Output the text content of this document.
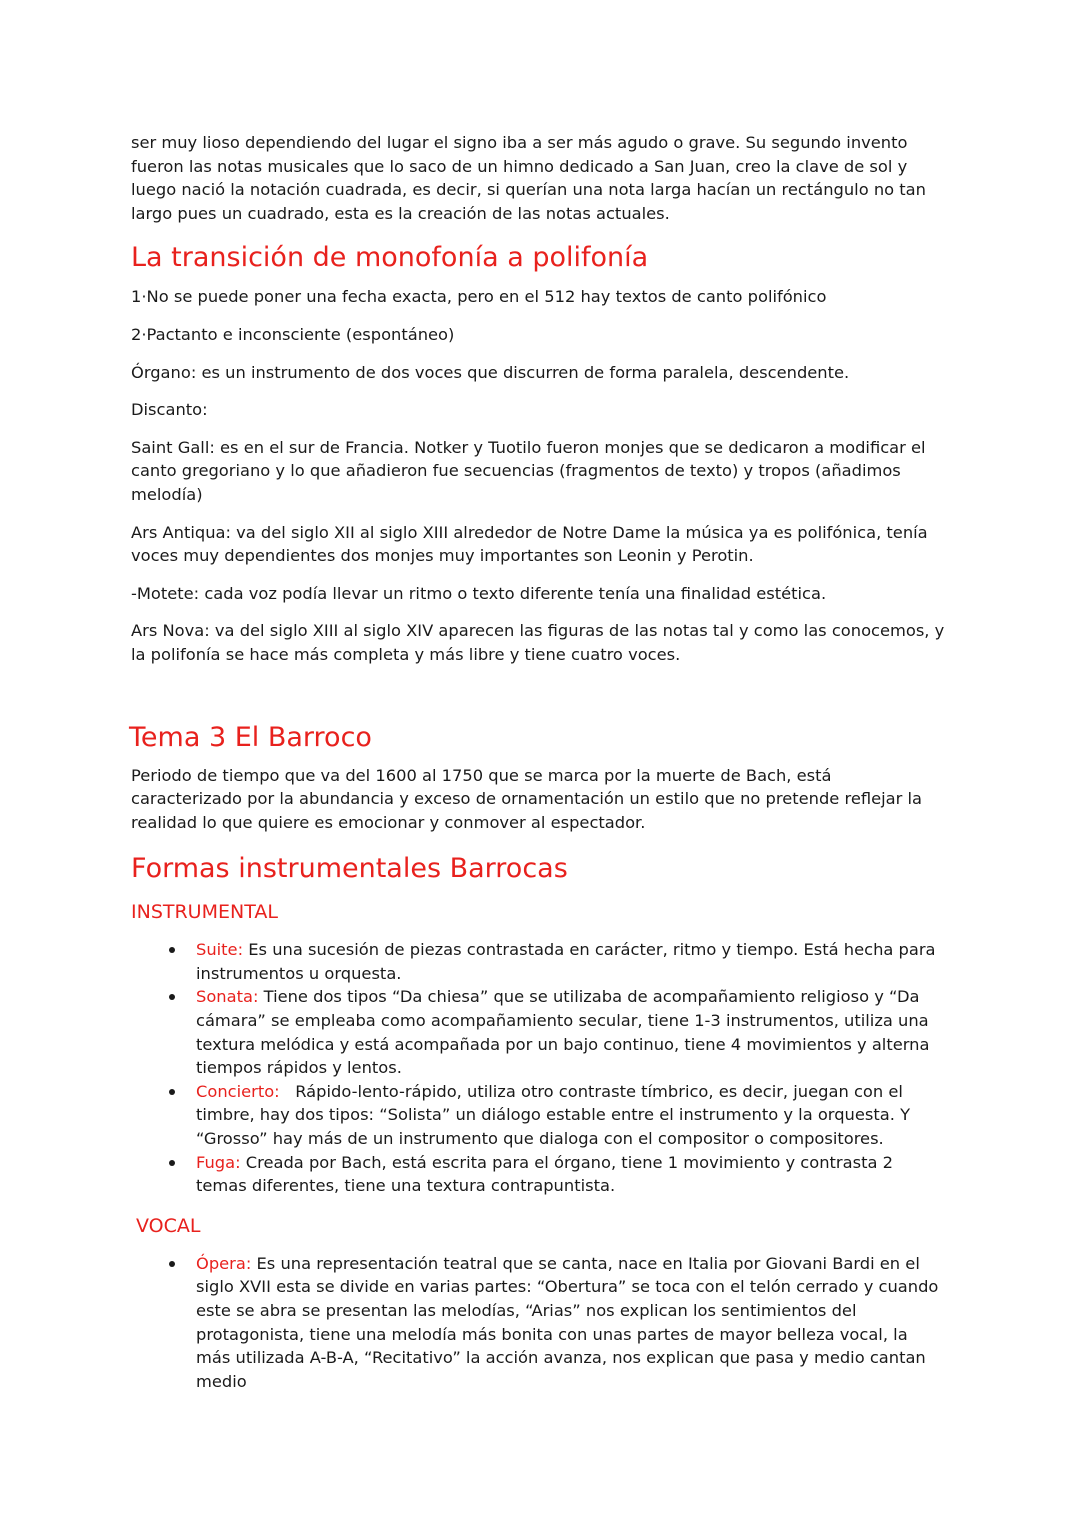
ser muy lioso dependiendo del lugar el signo iba a ser más agudo o grave. Su segundo invento fueron las notas musicales que lo saco de un himno dedicado a San Juan, creo la clave de sol y luego nació la notación cuadrada, es decir, si querían una nota larga hacían un rectángulo no tan largo pues un cuadrado, esta es la creación de las notas actuales.

La transición de monofonía a polifonía

1·No se puede poner una fecha exacta, pero en el 512 hay textos de canto polifónico

2·Pactanto e inconsciente (espontáneo)

Órgano: es un instrumento de dos voces que discurren de forma paralela, descendente.

Discanto:

Saint Gall: es en el sur de Francia. Notker y Tuotilo fueron monjes que se dedicaron a modificar el canto gregoriano y lo que añadieron fue secuencias (fragmentos de texto) y tropos (añadimos melodía)

Ars Antiqua: va del siglo XII al siglo XIII alrededor de Notre Dame la música ya es polifónica, tenía voces muy dependientes dos monjes muy importantes son Leonin y Perotin.

-Motete: cada voz podía llevar un ritmo o texto diferente tenía una finalidad estética.

Ars Nova: va del siglo XIII al siglo XIV aparecen las figuras de las notas tal y como las conocemos, y la polifonía se hace más completa y más libre y tiene cuatro voces.

Tema 3 El Barroco

Periodo de tiempo que va del 1600 al 1750 que se marca por la muerte de Bach, está caracterizado por la abundancia y exceso de ornamentación un estilo que no pretende reflejar la realidad lo que quiere es emocionar y conmover al espectador.

Formas instrumentales Barrocas
INSTRUMENTAL
Suite: Es una sucesión de piezas contrastada en carácter, ritmo y tiempo. Está hecha para instrumentos u orquesta.
Sonata: Tiene dos tipos “Da chiesa” que se utilizaba de acompañamiento religioso y “Da cámara” se empleaba como acompañamiento secular, tiene 1-3 instrumentos, utiliza una textura melódica y está acompañada por un bajo continuo, tiene 4 movimientos y alterna tiempos rápidos y lentos.
Concierto:   Rápido-lento-rápido, utiliza otro contraste tímbrico, es decir, juegan con el timbre, hay dos tipos: “Solista” un diálogo estable entre el instrumento y la orquesta. Y “Grosso” hay más de un instrumento que dialoga con el compositor o compositores.
Fuga: Creada por Bach, está escrita para el órgano, tiene 1 movimiento y contrasta 2 temas diferentes, tiene una textura contrapuntista.
VOCAL
Ópera: Es una representación teatral que se canta, nace en Italia por Giovani Bardi en el siglo XVII esta se divide en varias partes: “Obertura” se toca con el telón cerrado y cuando este se abra se presentan las melodías, “Arias” nos explican los sentimientos del protagonista, tiene una melodía más bonita con unas partes de mayor belleza vocal, la más utilizada A-B-A, “Recitativo” la acción avanza, nos explican que pasa y medio cantan medio
